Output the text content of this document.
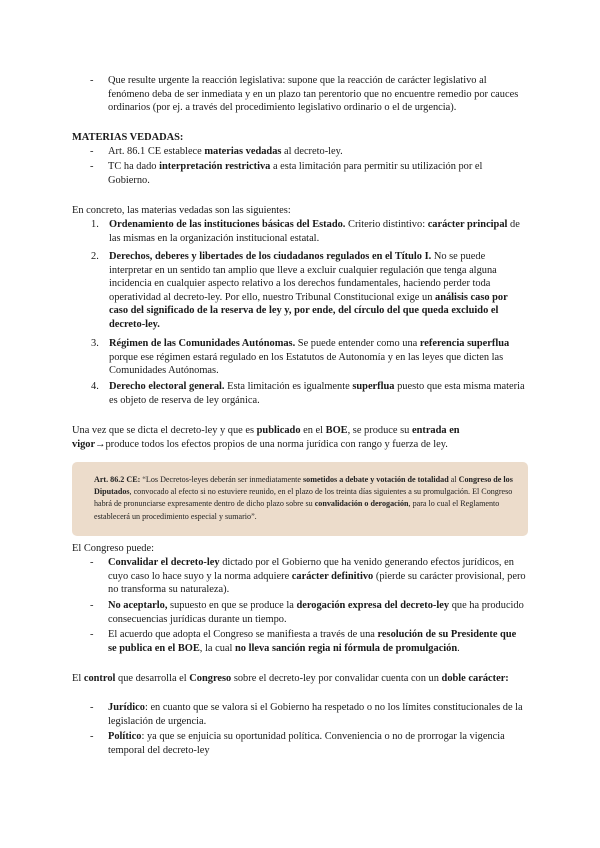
- Que resulte urgente la reacción legislativa: supone que la reacción de carácter legislativo al fenómeno deba de ser inmediata y en un plazo tan perentorio que no encuentre remedio por cauces ordinarios (por ej. a través del procedimiento legislativo ordinario o el de urgencia).
MATERIAS VEDADAS:
- Art. 86.1 CE establece materias vedadas al decreto-ley.
- TC ha dado interpretación restrictiva a esta limitación para permitir su utilización por el Gobierno.
En concreto, las materias vedadas son las siguientes:
1. Ordenamiento de las instituciones básicas del Estado. Criterio distintivo: carácter principal de las mismas en la organización institucional estatal.
2. Derechos, deberes y libertades de los ciudadanos regulados en el Título I. No se puede interpretar en un sentido tan amplio que lleve a excluir cualquier regulación que tenga alguna incidencia en cualquier aspecto relativo a los derechos fundamentales, haciendo perder toda operatividad al decreto-ley. Por ello, nuestro Tribunal Constitucional exige un análisis caso por caso del significado de la reserva de ley y, por ende, del círculo del que queda excluido el decreto-ley.
3. Régimen de las Comunidades Autónomas. Se puede entender como una referencia superflua porque ese régimen estará regulado en los Estatutos de Autonomía y en las leyes que dicten las Comunidades Autónomas.
4. Derecho electoral general. Esta limitación es igualmente superflua puesto que esta misma materia es objeto de reserva de ley orgánica.
Una vez que se dicta el decreto-ley y que es publicado en el BOE, se produce su entrada en vigor→produce todos los efectos propios de una norma jurídica con rango y fuerza de ley.
Art. 86.2 CE: “Los Decretos-leyes deberán ser inmediatamente sometidos a debate y votación de totalidad al Congreso de los Diputados, convocado al efecto si no estuviere reunido, en el plazo de los treinta días siguientes a su promulgación. El Congreso habrá de pronunciarse expresamente dentro de dicho plazo sobre su convalidación o derogación, para lo cual el Reglamento establecerá un procedimiento especial y sumario”.
El Congreso puede:
- Convalidar el decreto-ley dictado por el Gobierno que ha venido generando efectos jurídicos, en cuyo caso lo hace suyo y la norma adquiere carácter definitivo (pierde su carácter provisional, pero no transforma su naturaleza).
- No aceptarlo, supuesto en que se produce la derogación expresa del decreto-ley que ha producido consecuencias jurídicas durante un tiempo.
- El acuerdo que adopta el Congreso se manifiesta a través de una resolución de su Presidente que se publica en el BOE, la cual no lleva sanción regia ni fórmula de promulgación.
El control que desarrolla el Congreso sobre el decreto-ley por convalidar cuenta con un doble carácter:
- Jurídico: en cuanto que se valora si el Gobierno ha respetado o no los límites constitucionales de la legislación de urgencia.
- Político: ya que se enjuicia su oportunidad política. Conveniencia o no de prorrogar la vigencia temporal del decreto-ley
